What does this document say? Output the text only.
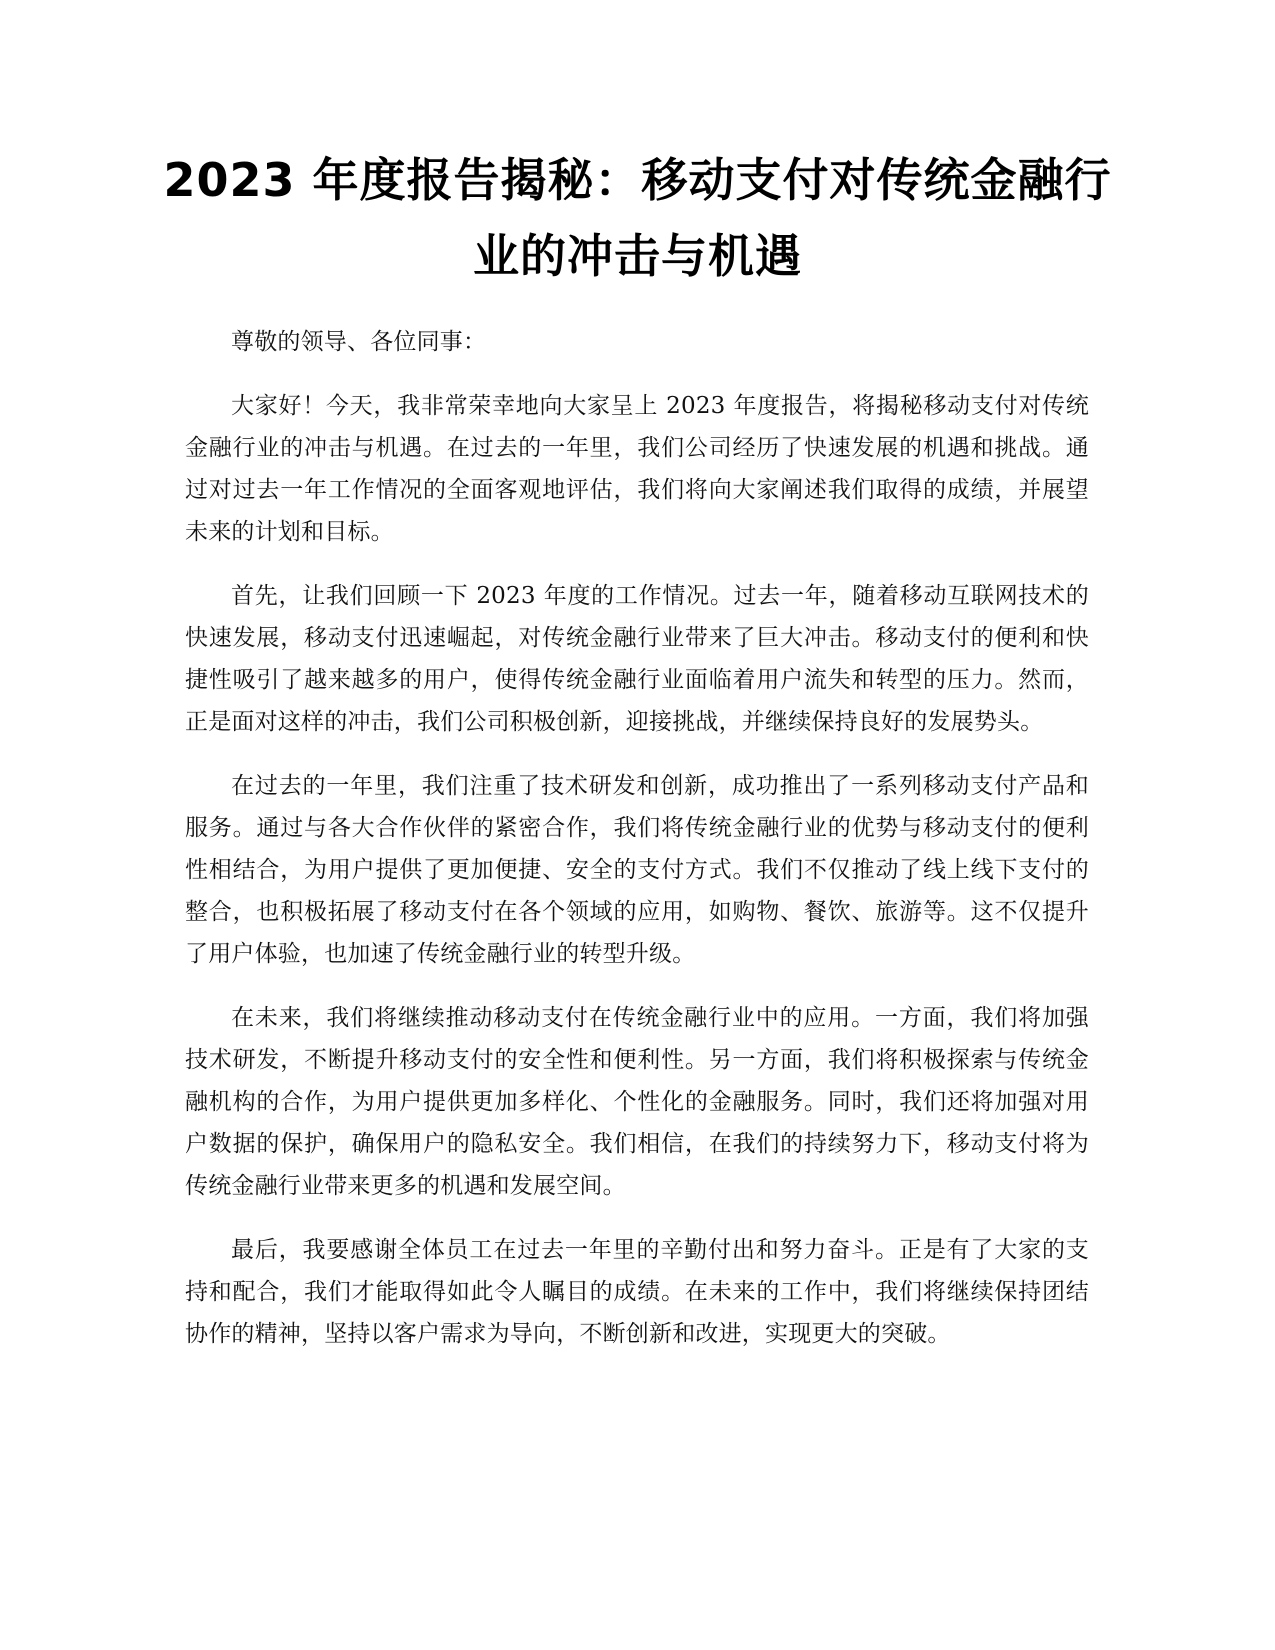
2023 年度报告揭秘：移动支付对传统金融行
业的冲击与机遇

尊敬的领导、各位同事：

大家好！今天，我非常荣幸地向大家呈上 2023 年度报告，将揭秘移动支付对传统金融行业的冲击与机遇。在过去的一年里，我们公司经历了快速发展的机遇和挑战。通过对过去一年工作情况的全面客观地评估，我们将向大家阐述我们取得的成绩，并展望未来的计划和目标。

首先，让我们回顾一下 2023 年度的工作情况。过去一年，随着移动互联网技术的快速发展，移动支付迅速崛起，对传统金融行业带来了巨大冲击。移动支付的便利和快捷性吸引了越来越多的用户，使得传统金融行业面临着用户流失和转型的压力。然而，正是面对这样的冲击，我们公司积极创新，迎接挑战，并继续保持良好的发展势头。

在过去的一年里，我们注重了技术研发和创新，成功推出了一系列移动支付产品和服务。通过与各大合作伙伴的紧密合作，我们将传统金融行业的优势与移动支付的便利性相结合，为用户提供了更加便捷、安全的支付方式。我们不仅推动了线上线下支付的整合，也积极拓展了移动支付在各个领域的应用，如购物、餐饮、旅游等。这不仅提升了用户体验，也加速了传统金融行业的转型升级。

在未来，我们将继续推动移动支付在传统金融行业中的应用。一方面，我们将加强技术研发，不断提升移动支付的安全性和便利性。另一方面，我们将积极探索与传统金融机构的合作，为用户提供更加多样化、个性化的金融服务。同时，我们还将加强对用户数据的保护，确保用户的隐私安全。我们相信，在我们的持续努力下，移动支付将为传统金融行业带来更多的机遇和发展空间。

最后，我要感谢全体员工在过去一年里的辛勤付出和努力奋斗。正是有了大家的支持和配合，我们才能取得如此令人瞩目的成绩。在未来的工作中，我们将继续保持团结协作的精神，坚持以客户需求为导向，不断创新和改进，实现更大的突破。
